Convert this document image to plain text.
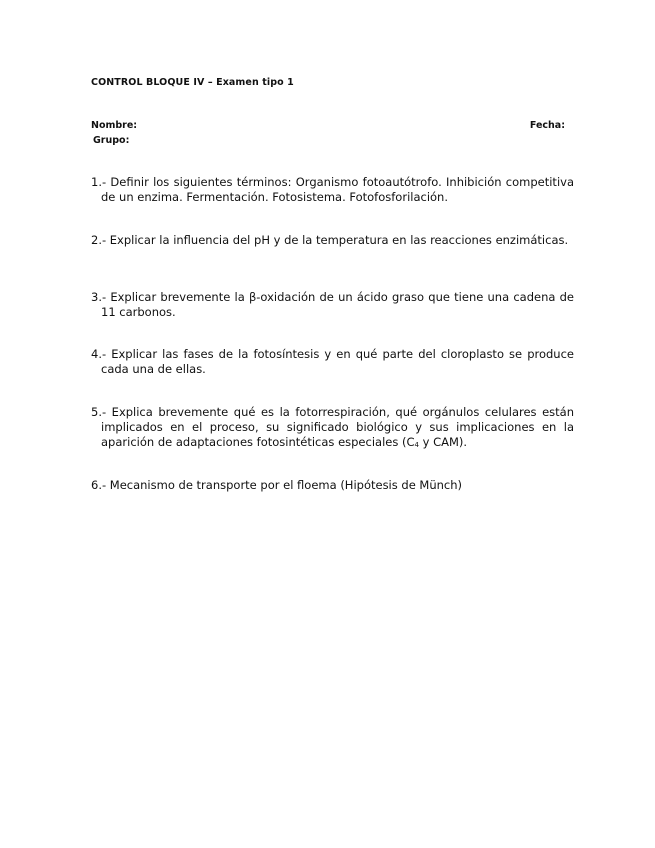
CONTROL BLOQUE IV – Examen tipo 1
Nombre:	Fecha:
Grupo:
1.- Definir los siguientes términos: Organismo fotoautótrofo. Inhibición competitiva de un enzima. Fermentación. Fotosistema. Fotofosforilación.
2.- Explicar la influencia del pH y de la temperatura en las reacciones enzimáticas.
3.- Explicar brevemente la β-oxidación de un ácido graso que tiene una cadena de 11 carbonos.
4.- Explicar las fases de la fotosíntesis y en qué parte del cloroplasto se produce cada una de ellas.
5.- Explica brevemente qué es la fotorrespiración, qué orgánulos celulares están implicados en el proceso, su significado biológico y sus implicaciones en la aparición de adaptaciones fotosintéticas especiales ($C_4$ y CAM).
6.- Mecanismo de transporte por el floema (Hipótesis de Münch)
